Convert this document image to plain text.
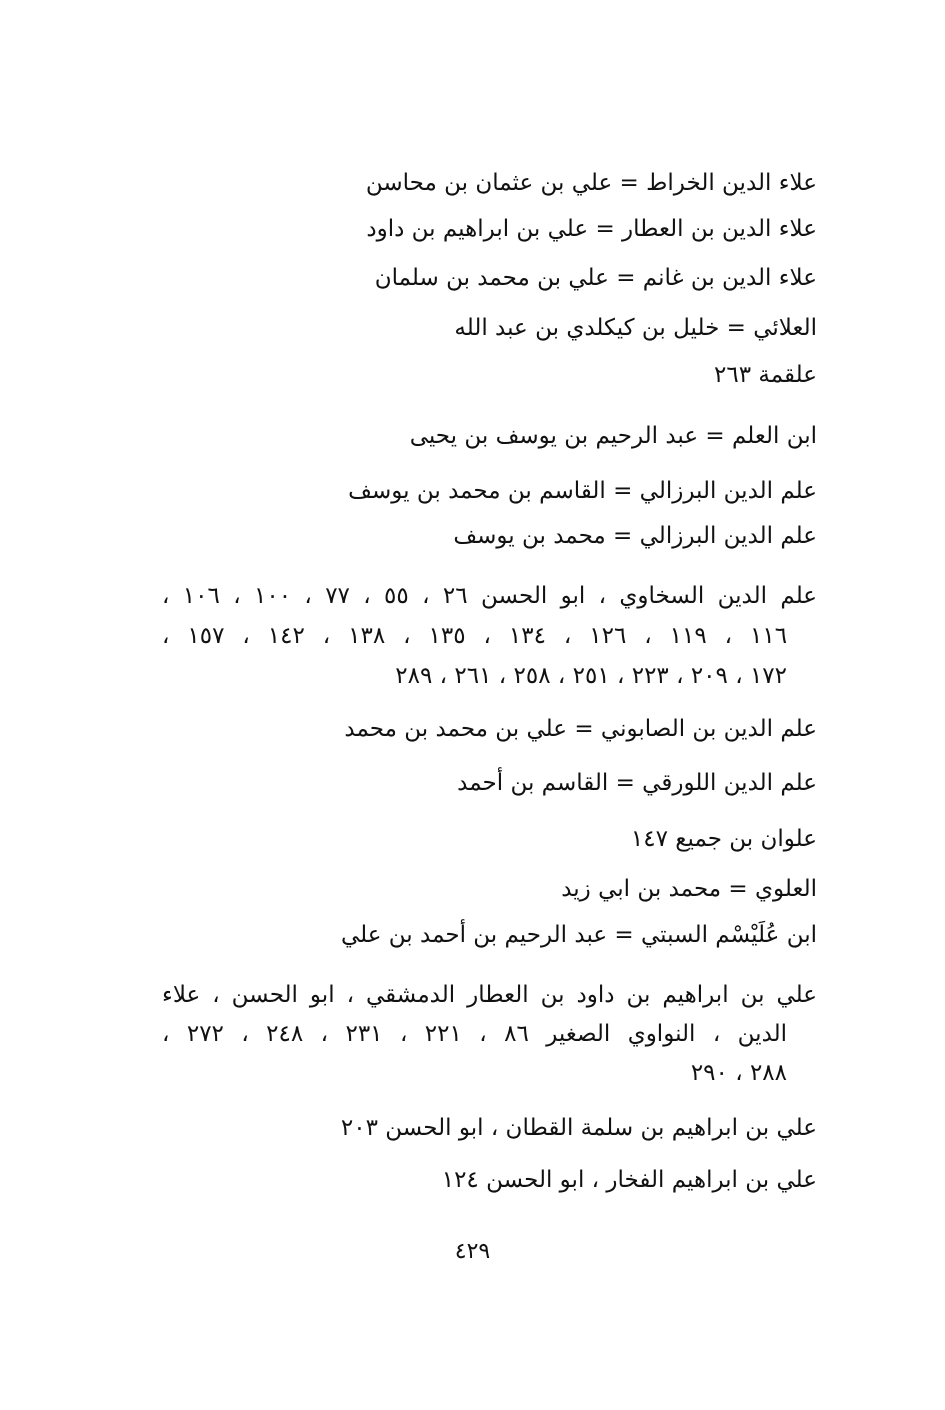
علاء الدين الخراط = علي بن عثمان بن محاسن
علاء الدين بن العطار = علي بن ابراهيم بن داود
علاء الدين بن غانم = علي بن محمد بن سلمان
العلائي = خليل بن كيكلدي بن عبد الله
علقمة ٢٦٣
ابن العلم = عبد الرحيم بن يوسف بن يحيى
علم الدين البرزالي = القاسم بن محمد بن يوسف
علم الدين البرزالي = محمد بن يوسف
علم الدين السخاوي ، ابو الحسن ٢٦ ، ٥٥ ، ٧٧ ، ١٠٠ ، ١٠٦ ،
١١٦ ، ١١٩ ، ١٢٦ ، ١٣٤ ، ١٣٥ ، ١٣٨ ، ١٤٢ ، ١٥٧ ،
١٧٢ ، ٢٠٩ ، ٢٢٣ ، ٢٥١ ، ٢٥٨ ، ٢٦١ ، ٢٨٩
علم الدين بن الصابوني = علي بن محمد بن محمد
علم الدين اللورقي = القاسم بن أحمد
علوان بن جميع ١٤٧
العلوي = محمد بن ابي زيد
ابن عُلَيْسْم السبتي = عبد الرحيم بن أحمد بن علي
علي بن ابراهيم بن داود بن العطار الدمشقي ، ابو الحسن ، علاء
الدين ، النواوي الصغير ٨٦ ، ٢٢١ ، ٢٣١ ، ٢٤٨ ، ٢٧٢ ،
٢٨٨ ، ٢٩٠
علي بن ابراهيم بن سلمة القطان ، ابو الحسن ٢٠٣
علي بن ابراهيم الفخار ، ابو الحسن ١٢٤
٤٢٩
